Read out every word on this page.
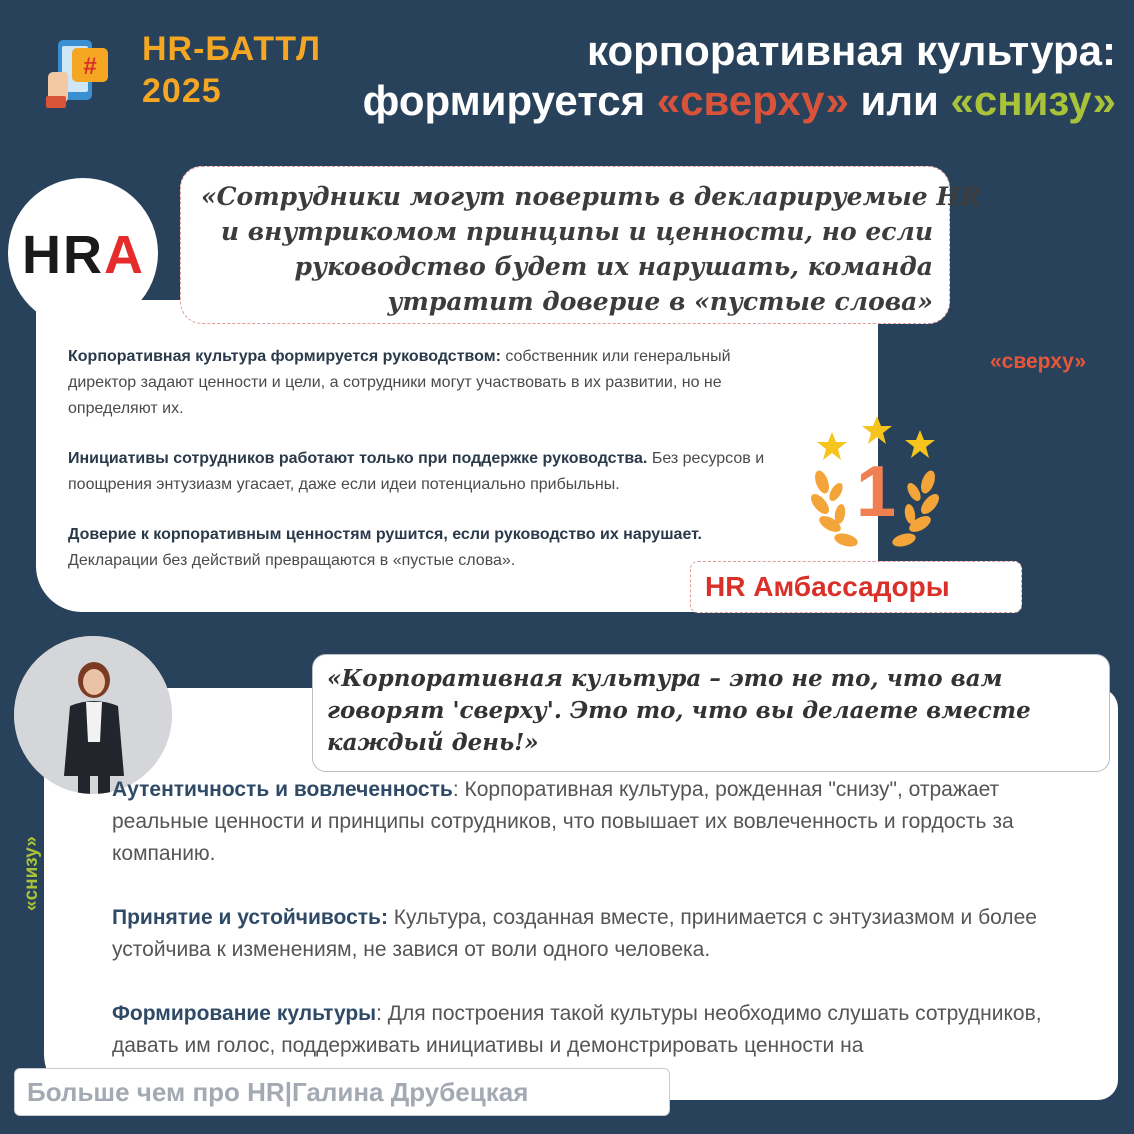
# HR-БАТТЛ
2025
корпоративная культура:
формируется «сверху» или «снизу»
HRA
«Сотрудники могут поверить в декларируемые HR
и внутрикомом принципы и ценности, но если
руководство будет их нарушать, команда
утратит доверие в «пустые слова»

Корпоративная культура формируется руководством: собственник или генеральный директор задают ценности и цели, а сотрудники могут участвовать в их развитии, но не определяют их.

Инициативы сотрудников работают только при поддержке руководства. Без ресурсов и поощрения энтузиазм угасает, даже если идеи потенциально прибыльны.

Доверие к корпоративным ценностям рушится, если руководство их нарушает. Декларации без действий превращаются в «пустые слова».

«сверху»
1
HR Амбассадоры
«Корпоративная культура – это не то, что вам
говорят 'сверху'. Это то, что вы делаете вместе
каждый день!»
«снизу»

Аутентичность и вовлеченность: Корпоративная культура, рожденная "снизу", отражает реальные ценности и принципы сотрудников, что повышает их вовлеченность и гордость за компанию.

Принятие и устойчивость: Культура, созданная вместе, принимается с энтузиазмом и более устойчива к изменениям, не завися от воли одного человека.

Формирование культуры: Для построения такой культуры необходимо слушать сотрудников, давать им голос, поддерживать инициативы и демонстрировать ценности на

Больше чем про HR|Галина Друбецкая
